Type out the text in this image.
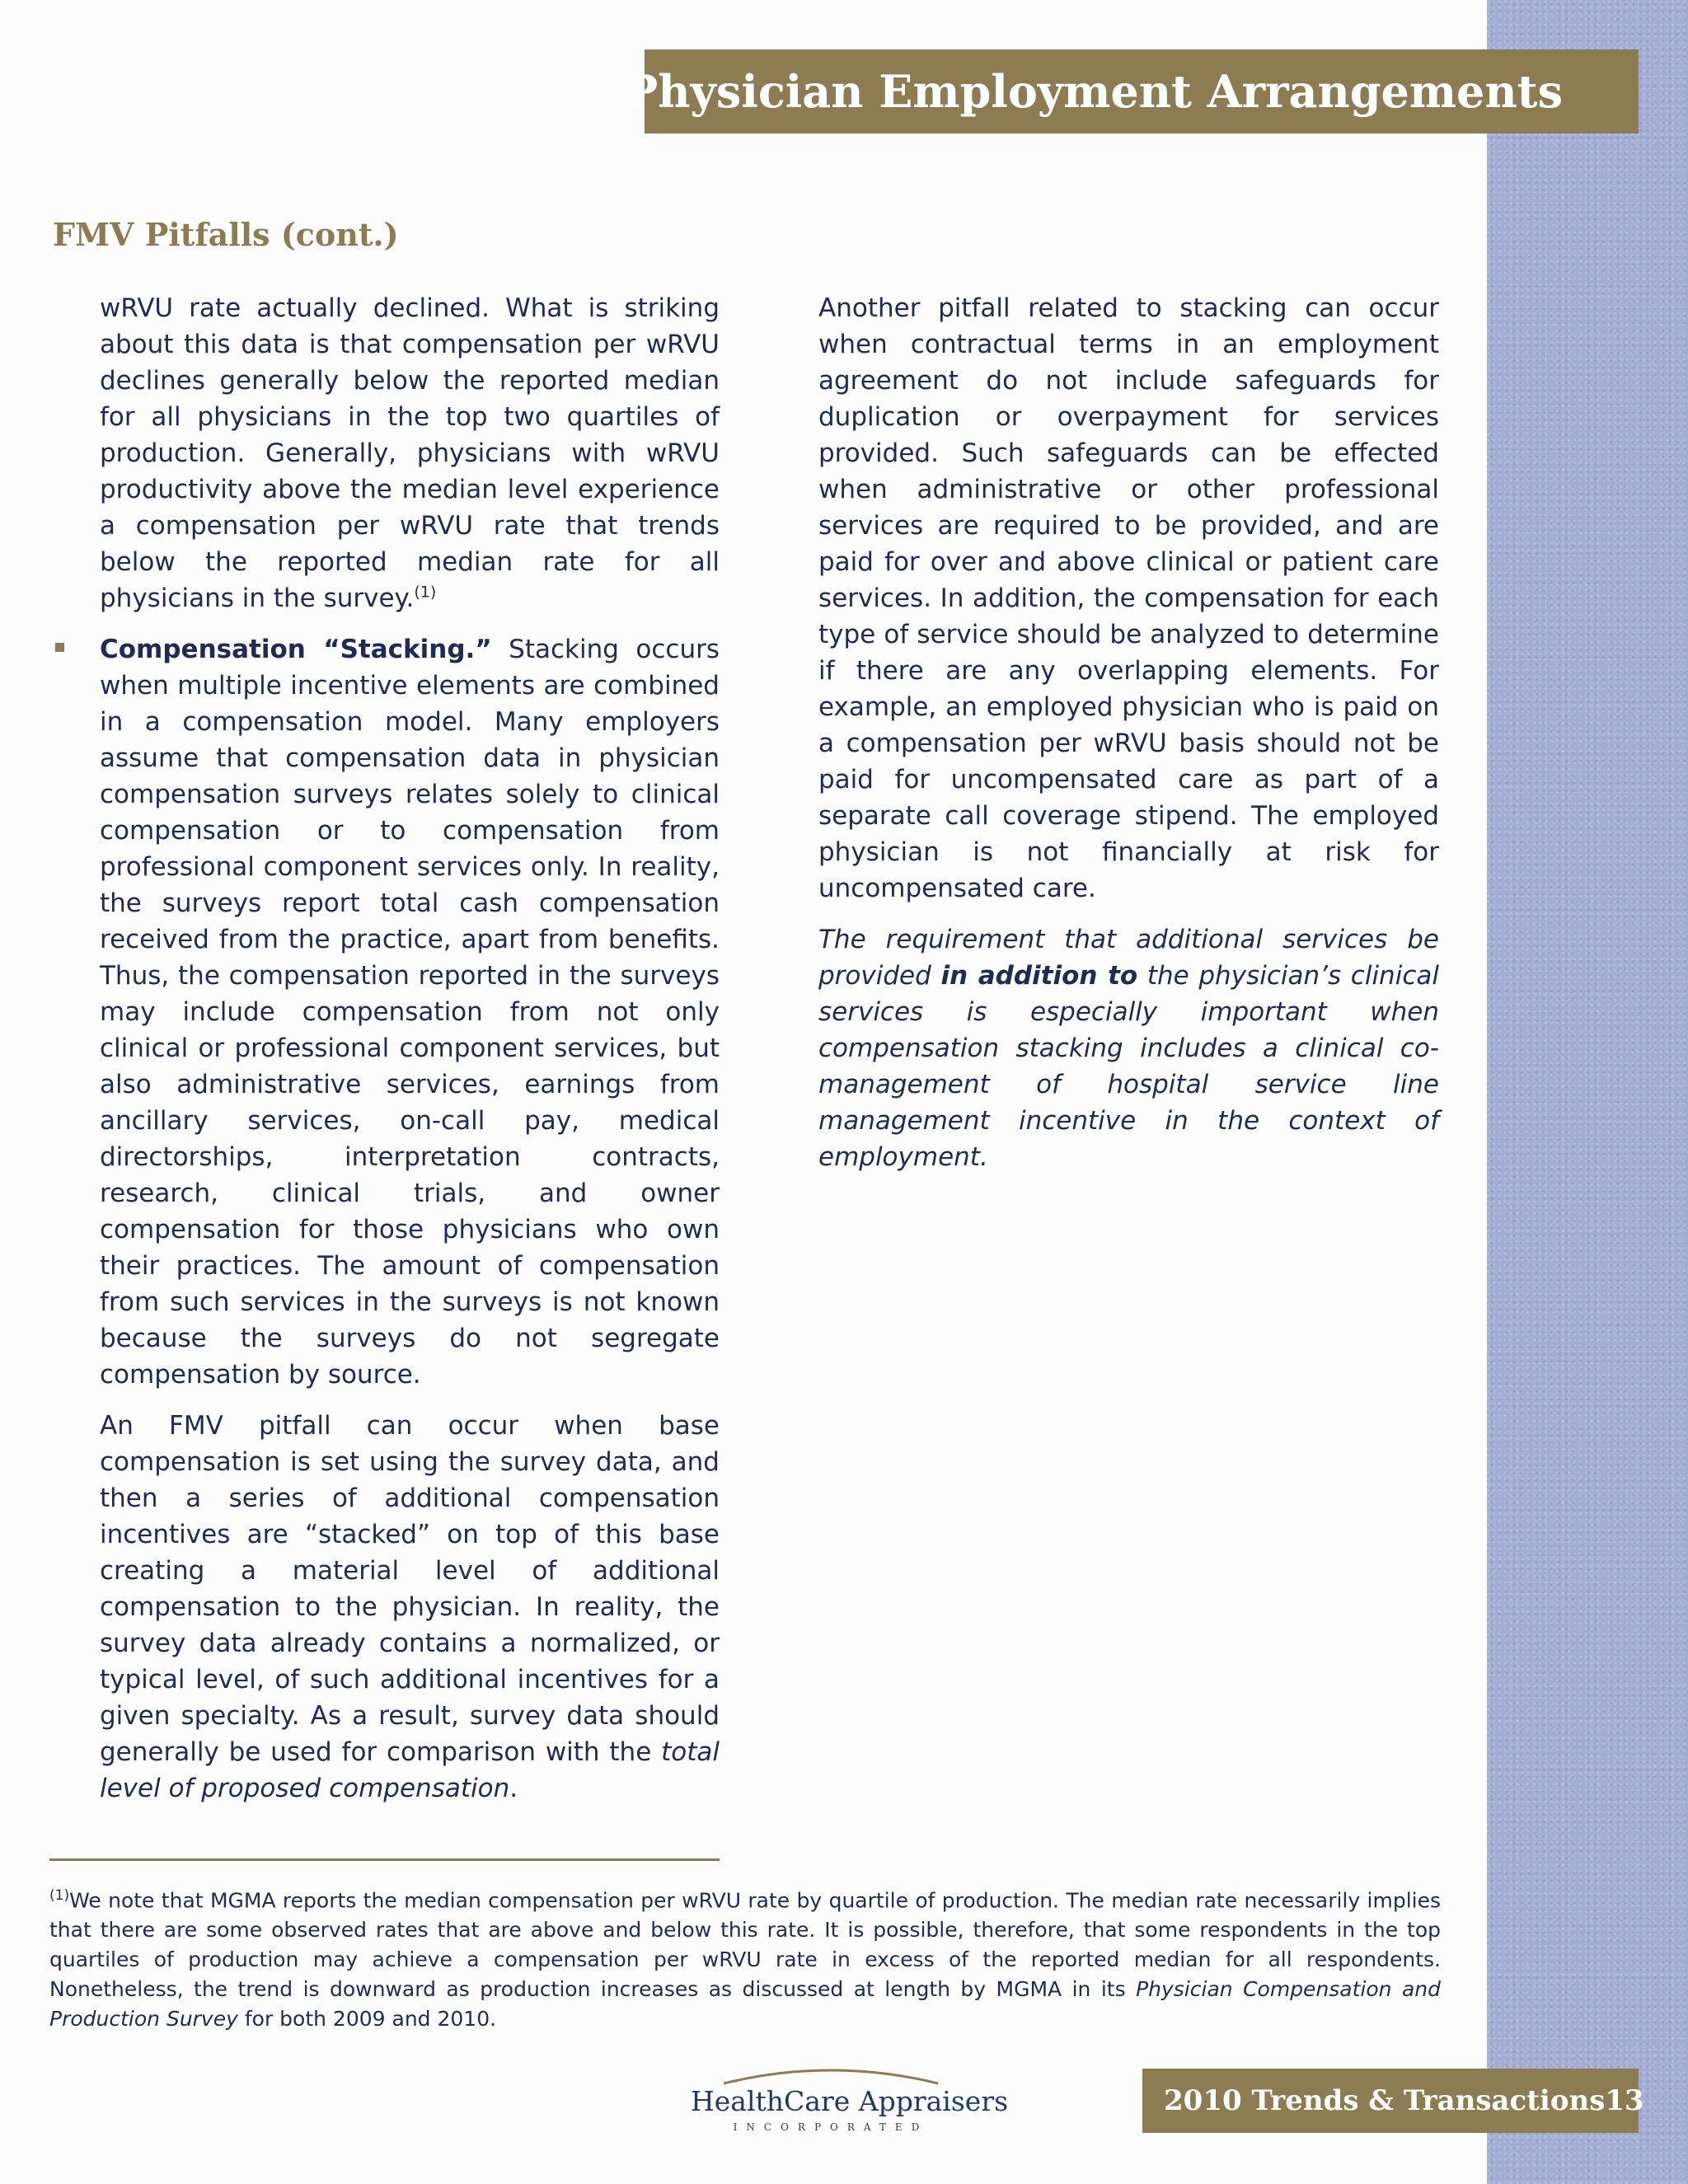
Physician Employment Arrangements
FMV Pitfalls (cont.)

wRVU rate actually declined. What is striking about this data is that compensation per wRVU declines generally below the reported median for all physicians in the top two quartiles of production. Generally, physicians with wRVU productivity above the median level experience a compensation per wRVU rate that trends below the reported median rate for all physicians in the survey.$^{(1)}$

Compensation “Stacking.” Stacking occurs when multiple incentive elements are combined in a compensation model. Many employers assume that compensation data in physician compensation surveys relates solely to clinical compensation or to compensation from professional component services only. In reality, the surveys report total cash compensation received from the practice, apart from benefits. Thus, the compensation reported in the surveys may include compensation from not only clinical or professional component services, but also administrative services, earnings from ancillary services, on-call pay, medical directorships, interpretation contracts, research, clinical trials, and owner compensation for those physicians who own their practices. The amount of compensation from such services in the surveys is not known because the surveys do not segregate compensation by source.

An FMV pitfall can occur when base compensation is set using the survey data, and then a series of additional compensation incentives are “stacked” on top of this base creating a material level of additional compensation to the physician. In reality, the survey data already contains a normalized, or typical level, of such additional incentives for a given specialty. As a result, survey data should generally be used for comparison with the total level of proposed compensation.

Another pitfall related to stacking can occur when contractual terms in an employment agreement do not include safeguards for duplication or overpayment for services provided. Such safeguards can be effected when administrative or other professional services are required to be provided, and are paid for over and above clinical or patient care services. In addition, the compensation for each type of service should be analyzed to determine if there are any overlapping elements. For example, an employed physician who is paid on a compensation per wRVU basis should not be paid for uncompensated care as part of a separate call coverage stipend. The employed physician is not financially at risk for uncompensated care.

The requirement that additional services be provided in addition to the physician’s clinical services is especially important when compensation stacking includes a clinical co-management of hospital service line management incentive in the context of employment.

$^{(1)}$We note that MGMA reports the median compensation per wRVU rate by quartile of production. The median rate necessarily implies that there are some observed rates that are above and below this rate. It is possible, therefore, that some respondents in the top quartiles of production may achieve a compensation per wRVU rate in excess of the reported median for all respondents. Nonetheless, the trend is downward as production increases as discussed at length by MGMA in its Physician Compensation and Production Survey for both 2009 and 2010.

HealthCare Appraisers
INCORPORATED
2010 Trends & Transactions 13
